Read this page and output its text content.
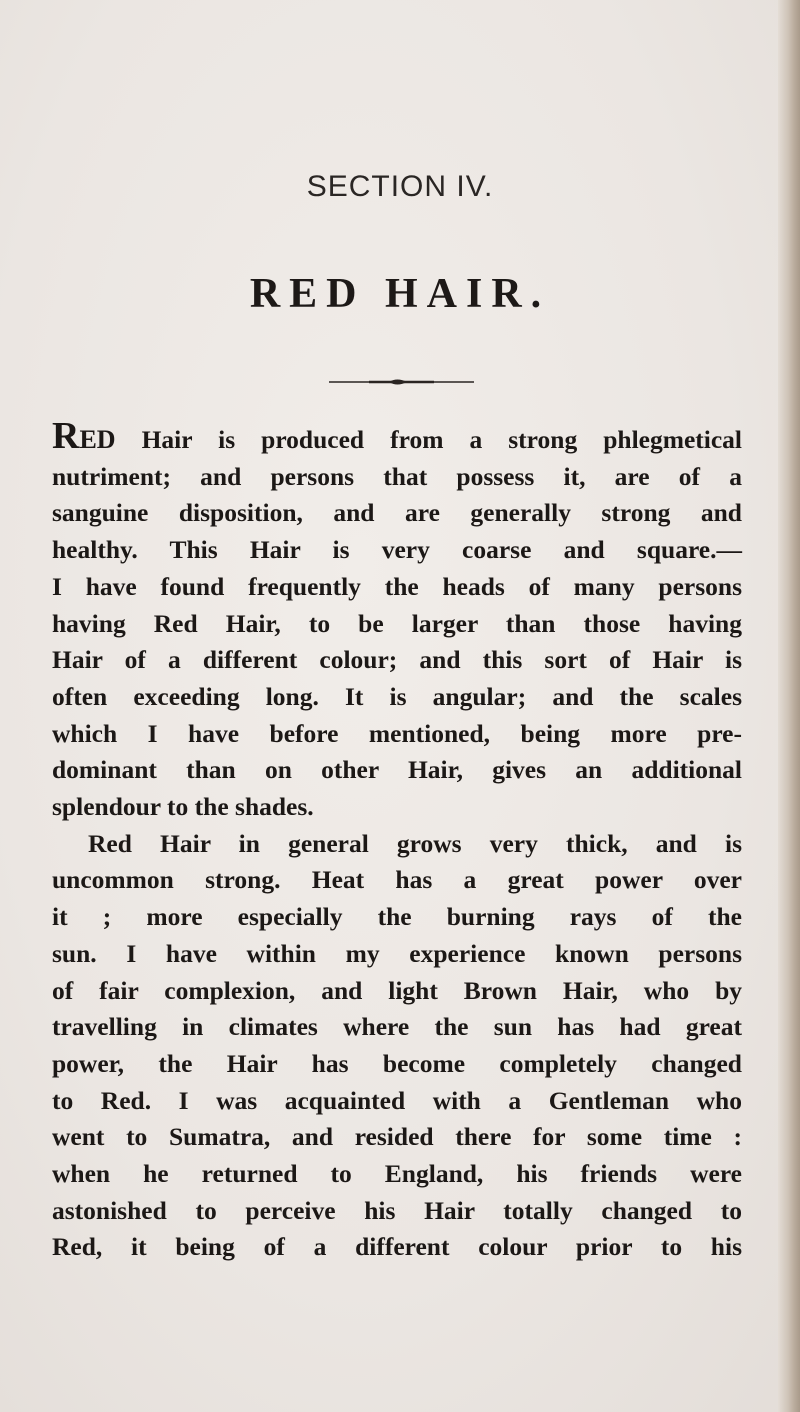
SECTION IV.
RED HAIR.
RED Hair is produced from a strong phlegmetical
nutriment; and persons that possess it, are of a
sanguine disposition, and are generally strong and
healthy. This Hair is very coarse and square.—
I have found frequently the heads of many persons
having Red Hair, to be larger than those having
Hair of a different colour; and this sort of Hair is
often exceeding long. It is angular; and the scales
which I have before mentioned, being more pre-
dominant than on other Hair, gives an additional
splendour to the shades.
Red Hair in general grows very thick, and is
uncommon strong. Heat has a great power over
it ; more especially the burning rays of the
sun. I have within my experience known persons
of fair complexion, and light Brown Hair, who by
travelling in climates where the sun has had great
power, the Hair has become completely changed
to Red. I was acquainted with a Gentleman who
went to Sumatra, and resided there for some time :
when he returned to England, his friends were
astonished to perceive his Hair totally changed to
Red, it being of a different colour prior to his
